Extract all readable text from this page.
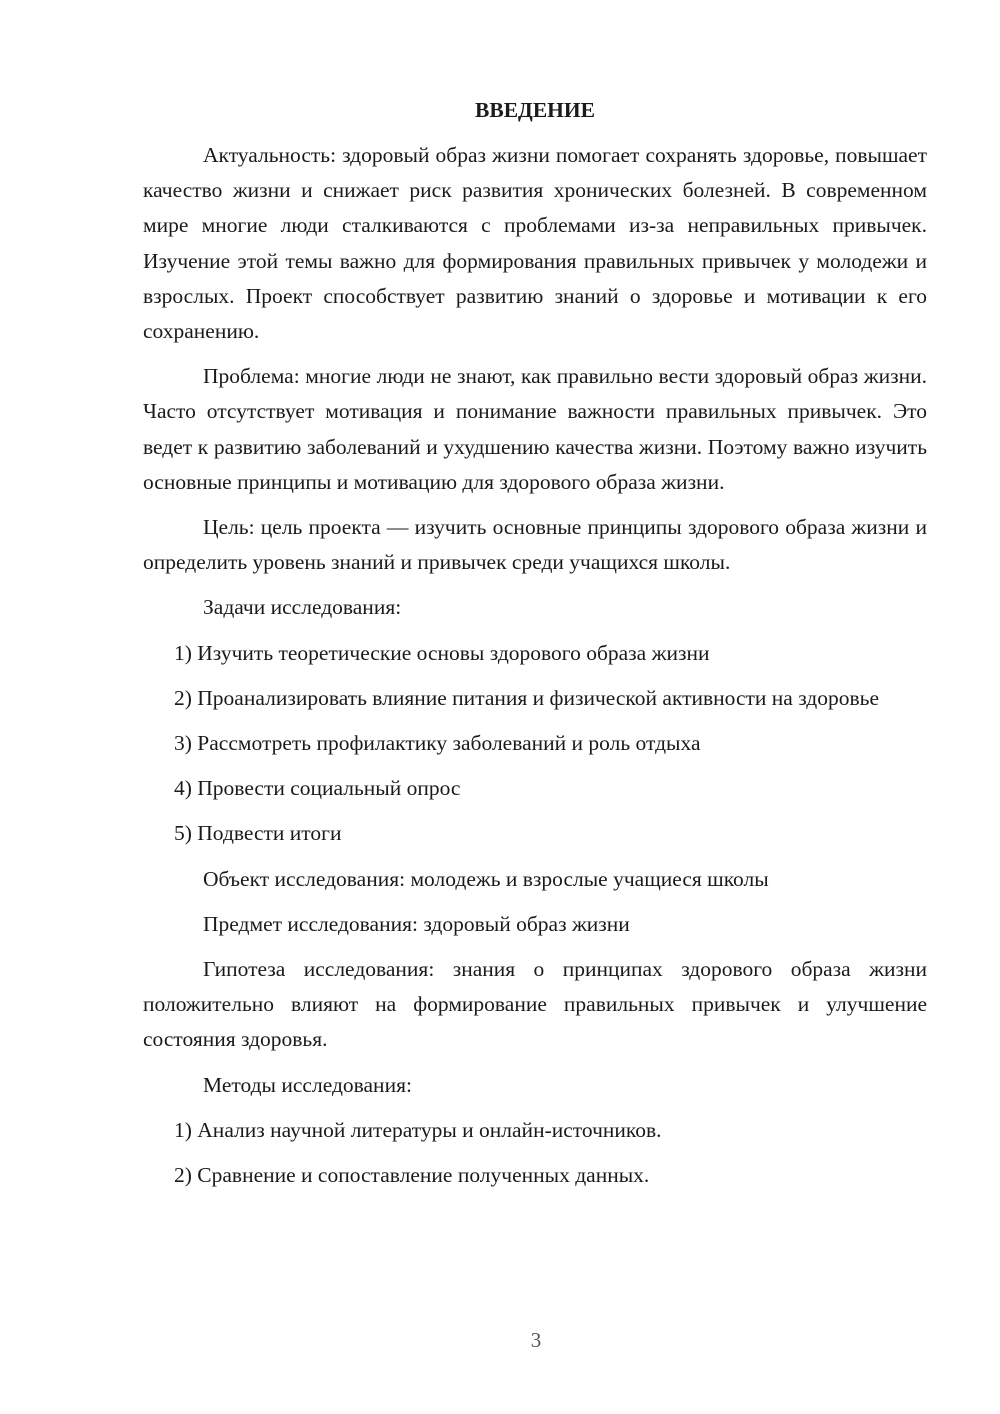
ВВЕДЕНИЕ

Актуальность: здоровый образ жизни помогает сохранять здоровье, повышает качество жизни и снижает риск развития хронических болезней. В современном мире многие люди сталкиваются с проблемами из-за неправильных привычек. Изучение этой темы важно для формирования правильных привычек у молодежи и взрослых. Проект способствует развитию знаний о здоровье и мотивации к его сохранению.

Проблема: многие люди не знают, как правильно вести здоровый образ жизни. Часто отсутствует мотивация и понимание важности правильных привычек. Это ведет к развитию заболеваний и ухудшению качества жизни. Поэтому важно изучить основные принципы и мотивацию для здорового образа жизни.

Цель: цель проекта — изучить основные принципы здорового образа жизни и определить уровень знаний и привычек среди учащихся школы.

Задачи исследования:

1) Изучить теоретические основы здорового образа жизни

2) Проанализировать влияние питания и физической активности на здоровье

3) Рассмотреть профилактику заболеваний и роль отдыха

4) Провести социальный опрос

5) Подвести итоги

Объект исследования: молодежь и взрослые учащиеся школы

Предмет исследования: здоровый образ жизни

Гипотеза исследования: знания о принципах здорового образа жизни положительно влияют на формирование правильных привычек и улучшение состояния здоровья.

Методы исследования:

1) Анализ научной литературы и онлайн-источников.

2) Сравнение и сопоставление полученных данных.

3
